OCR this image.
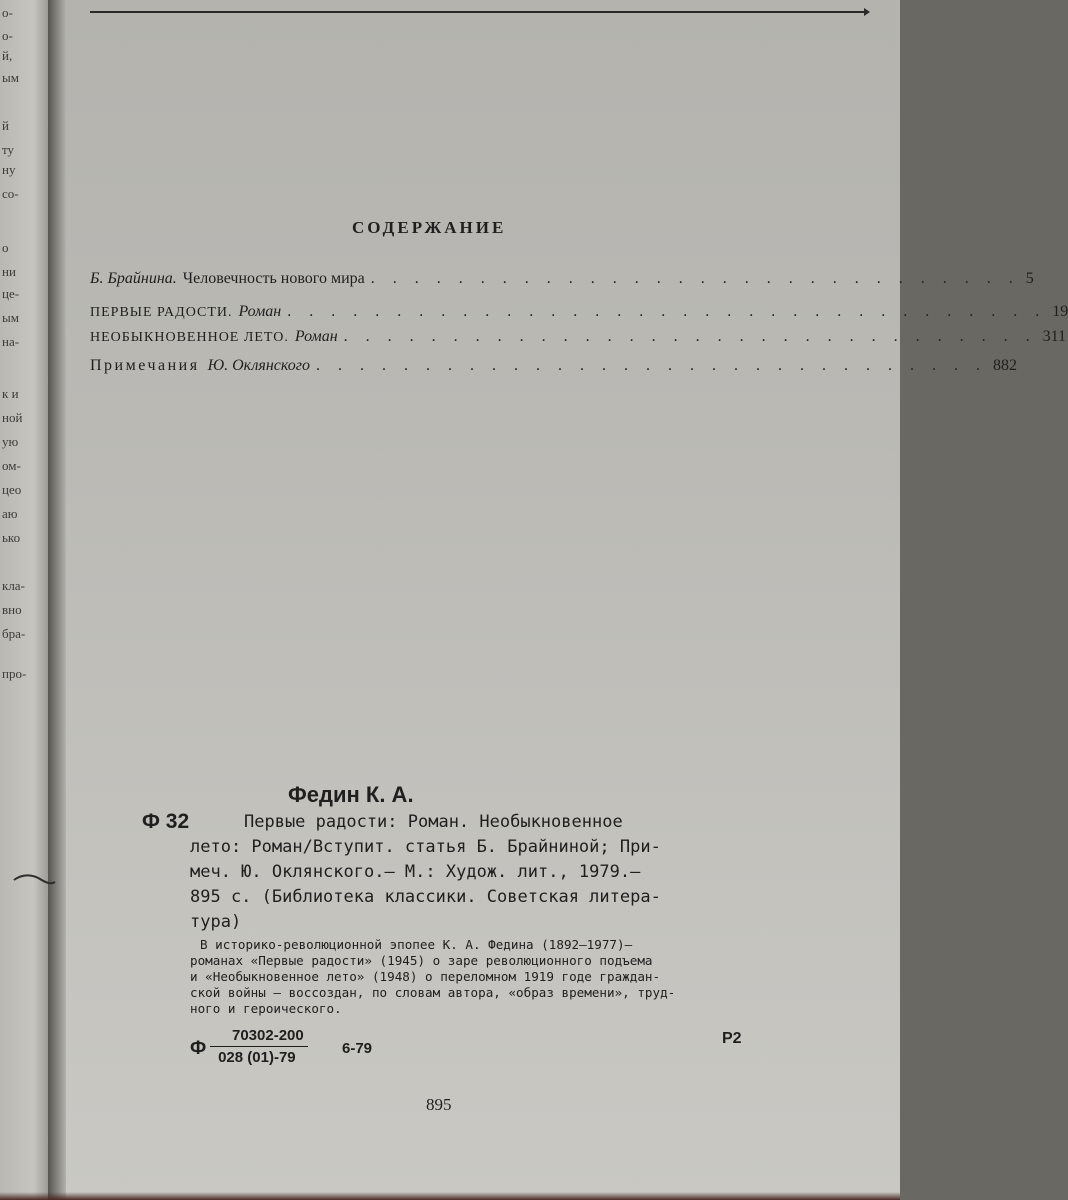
о-
о-
й,
ым
й
ту
ну
со-
о
ни
це-
ым
на-
к и
ной
ую
ом-
цео
аю
ько
кла-
вно
бра-
про-
СОДЕРЖАНИЕ
Б. Брайнина. Человечность нового мира . . . . . . . . . . . . . . . . . . . . . . . . . . . . . . 5
ПЕРВЫЕ РАДОСТИ. Роман . . . . . . . . . . . . . . . . . . . . . . . . . . . . . . . . . . . 19
НЕОБЫКНОВЕННОЕ ЛЕТО. Роман . . . . . . . . . . . . . . . . . . . . . . . . . . . . . . . . 311
Примечания Ю. Оклянского . . . . . . . . . . . . . . . . . . . . . . . . . . . . . . . 882
Федин К. А.
Ф 32	Первые радости: Роман. Необыкновенное
лето: Роман/Вступит. статья Б. Брайниной; При-
меч. Ю. Оклянского.— М.: Худож. лит., 1979.—
895 с. (Библиотека классики. Советская литера-
тура)
В историко-революционной эпопее К. А. Федина (1892—1977)—
романах «Первые радости» (1945) о заре революционного подъема
и «Необыкновенное лето» (1948) о переломном 1919 годе граждан-
ской войны — воссоздан, по словам автора, «образ времени», труд-
ного и героического.
Ф $\frac{70302-200}{028 (01)-79} 6-79$
Р2
895
